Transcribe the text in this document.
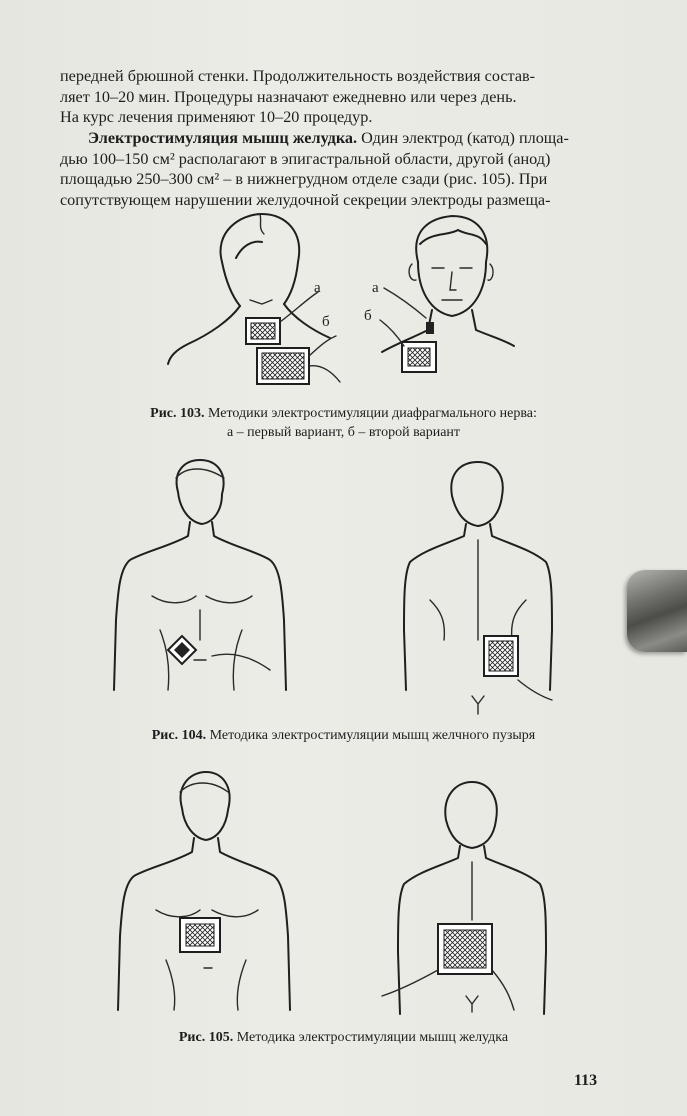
передней брюшной стенки. Продолжительность воздействия состав-
ляет 10–20 мин. Процедуры назначают ежедневно или через день.
На курс лечения применяют 10–20 процедур.

Электростимуляция мышц желудка. Один электрод (катод) площа-
дью 100–150 см² располагают в эпигастральной области, другой (анод)
площадью 250–300 см² – в нижнегрудном отделе сзади (рис. 105). При
сопутствующем нарушении желудочной секреции электроды размеща-

а
б
а
б

Рис. 103. Методики электростимуляции диафрагмального нерва:
а – первый вариант, б – второй вариант

Рис. 104. Методика электростимуляции мышц желчного пузыря

Рис. 105. Методика электростимуляции мышц желудка

113
